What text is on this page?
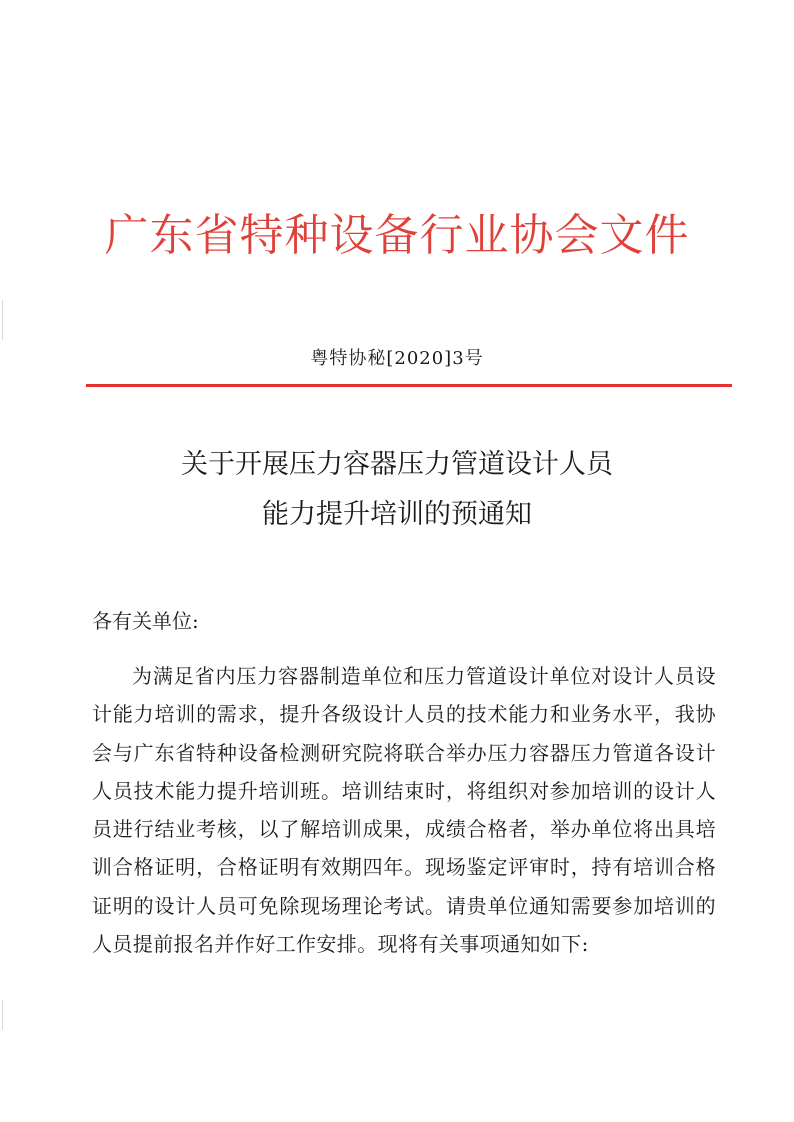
广东省特种设备行业协会文件
粤特协秘[2020]3号
关于开展压力容器压力管道设计人员
能力提升培训的预通知
各有关单位:

为满足省内压力容器制造单位和压力管道设计单位对设计人员设计能力培训的需求，提升各级设计人员的技术能力和业务水平，我协会与广东省特种设备检测研究院将联合举办压力容器压力管道各设计人员技术能力提升培训班。培训结束时，将组织对参加培训的设计人员进行结业考核，以了解培训成果，成绩合格者，举办单位将出具培训合格证明，合格证明有效期四年。现场鉴定评审时，持有培训合格证明的设计人员可免除现场理论考试。请贵单位通知需要参加培训的人员提前报名并作好工作安排。现将有关事项通知如下:
